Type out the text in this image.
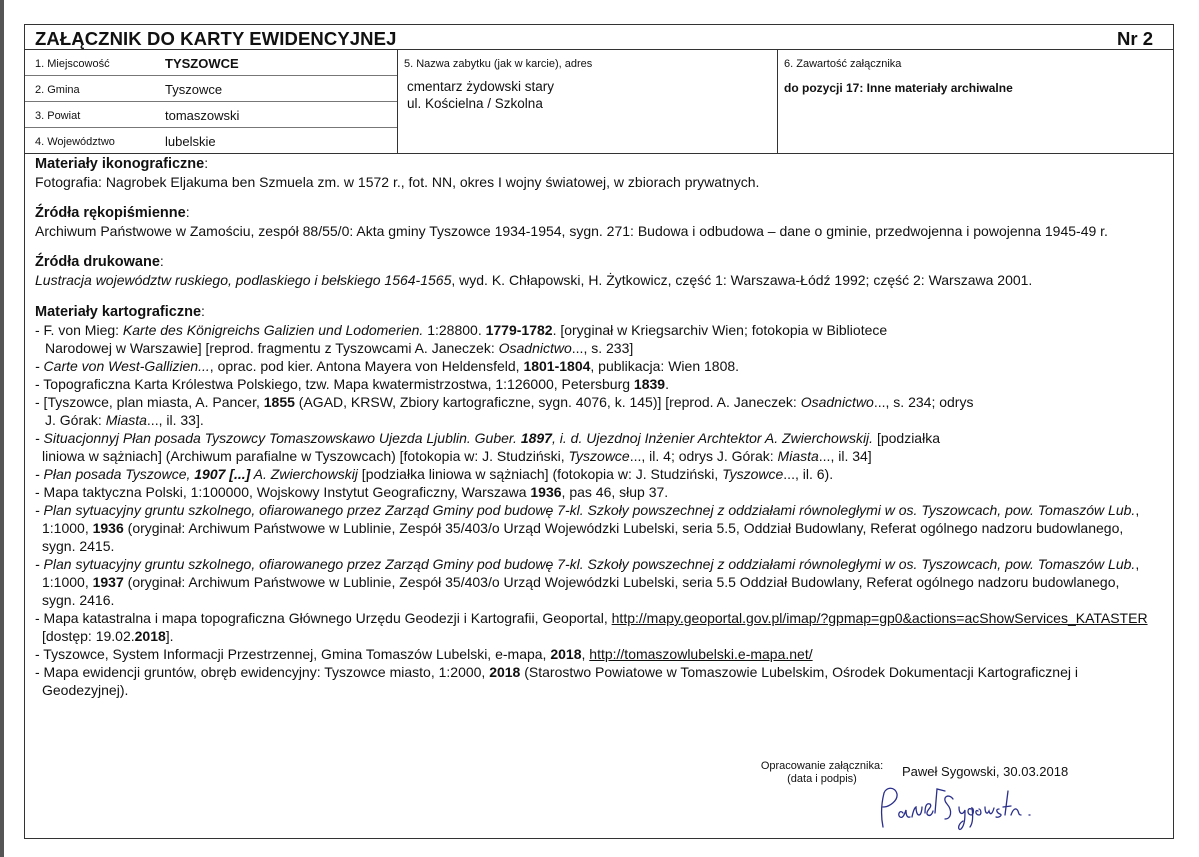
ZAŁĄCZNIK DO KARTY EWIDENCYJNEJ	Nr 2
1. Miejscowość	TYSZOWCE
2. Gmina	Tyszowce
3. Powiat	tomaszowski
4. Województwo	lubelskie
5. Nazwa zabytku (jak w karcie), adres
cmentarz żydowski stary
ul. Kościelna / Szkolna
6. Zawartość załącznika
do pozycji 17: Inne materiały archiwalne
Materiały ikonograficzne:
Fotografia: Nagrobek Eljakuma ben Szmuela zm. w 1572 r., fot. NN, okres I wojny światowej, w zbiorach prywatnych.
Źródła rękopiśmienne:
Archiwum Państwowe w Zamościu, zespół 88/55/0: Akta gminy Tyszowce 1934-1954, sygn. 271: Budowa i odbudowa – dane o gminie, przedwojenna i powojenna 1945-49 r.
Źródła drukowane:
Lustracja województw ruskiego, podlaskiego i bełskiego 1564-1565, wyd. K. Chłapowski, H. Żytkowicz, część 1: Warszawa-Łódź 1992; część 2: Warszawa 2001.
Materiały kartograficzne:
- F. von Mieg: Karte des Königreichs Galizien und Lodomerien. 1:28800. 1779-1782. [oryginał w Kriegsarchiv Wien; fotokopia w Bibliotece
Narodowej w Warszawie] [reprod. fragmentu z Tyszowcami A. Janeczek: Osadnictwo..., s. 233]
- Carte von West-Gallizien..., oprac. pod kier. Antona Mayera von Heldensfeld, 1801-1804, publikacja: Wien 1808.
- Topograficzna Karta Królestwa Polskiego, tzw. Mapa kwatermistrzostwa, 1:126000, Petersburg 1839.
- [Tyszowce, plan miasta, A. Pancer, 1855 (AGAD, KRSW, Zbiory kartograficzne, sygn. 4076, k. 145)] [reprod. A. Janeczek: Osadnictwo..., s. 234; odrys
J. Górak: Miasta..., il. 33].
- Situacjonnyj Płan posada Tyszowcy Tomaszowskawo Ujezda Ljublin. Guber. 1897, i. d. Ujezdnoj Inżenier Archtektor A. Zwierchowskij. [podziałka
liniowa w sążniach] (Archiwum parafialne w Tyszowcach) [fotokopia w: J. Studziński, Tyszowce..., il. 4; odrys J. Górak: Miasta..., il. 34]
- Płan posada Tyszowce, 1907 [...] A. Zwierchowskij [podziałka liniowa w sążniach] (fotokopia w: J. Studziński, Tyszowce..., il. 6).
- Mapa taktyczna Polski, 1:100000, Wojskowy Instytut Geograficzny, Warszawa 1936, pas 46, słup 37.
- Plan sytuacyjny gruntu szkolnego, ofiarowanego przez Zarząd Gminy pod budowę 7-kl. Szkoły powszechnej z oddziałami równoległymi w os. Tyszowcach, pow. Tomaszów Lub.,
1:1000, 1936 (oryginał: Archiwum Państwowe w Lublinie, Zespół 35/403/o Urząd Wojewódzki Lubelski, seria 5.5, Oddział Budowlany, Referat ogólnego nadzoru budowlanego,
sygn. 2415.
- Plan sytuacyjny gruntu szkolnego, ofiarowanego przez Zarząd Gminy pod budowę 7-kl. Szkoły powszechnej z oddziałami równoległymi w os. Tyszowcach, pow. Tomaszów Lub.,
1:1000, 1937 (oryginał: Archiwum Państwowe w Lublinie, Zespół 35/403/o Urząd Wojewódzki Lubelski, seria 5.5 Oddział Budowlany, Referat ogólnego nadzoru budowlanego,
sygn. 2416.
- Mapa katastralna i mapa topograficzna Głównego Urzędu Geodezji i Kartografii, Geoportal, http://mapy.geoportal.gov.pl/imap/?gpmap=gp0&actions=acShowServices_KATASTER
[dostęp: 19.02.2018].
- Tyszowce, System Informacji Przestrzennej, Gmina Tomaszów Lubelski, e-mapa, 2018, http://tomaszowlubelski.e-mapa.net/
- Mapa ewidencji gruntów, obręb ewidencyjny: Tyszowce miasto, 1:2000, 2018 (Starostwo Powiatowe w Tomaszowie Lubelskim, Ośrodek Dokumentacji Kartograficznej i
Geodezyjnej).
Opracowanie załącznika:
(data i podpis)	Paweł Sygowski, 30.03.2018
